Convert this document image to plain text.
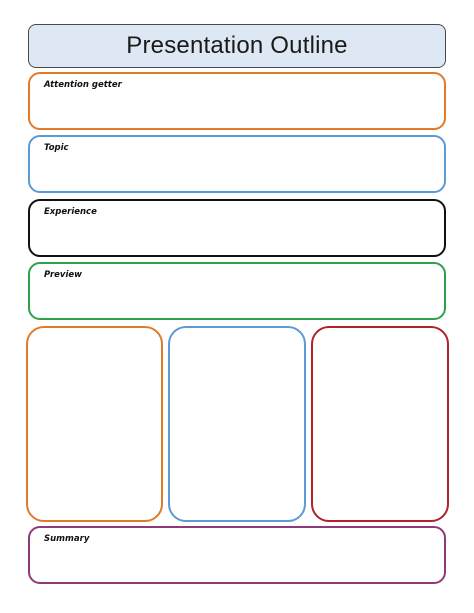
Presentation Outline
Attention getter
Topic
Experience
Preview
Summary
